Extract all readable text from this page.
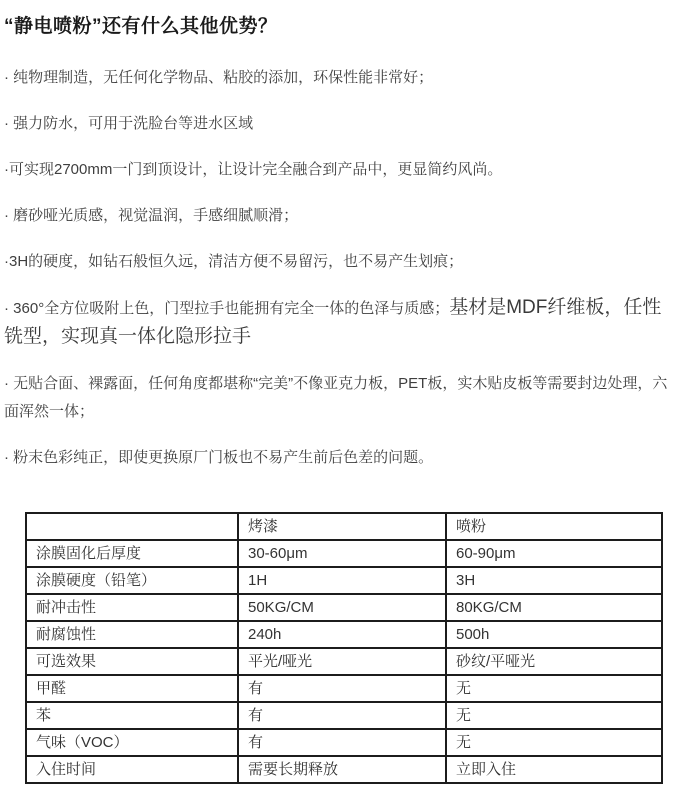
“静电喷粉”还有什么其他优势？

· 纯物理制造，无任何化学物品、粘胶的添加，环保性能非常好；

· 强力防水，可用于洗脸台等进水区域

·可实现2700mm一门到顶设计，让设计完全融合到产品中，更显简约风尚。

· 磨砂哑光质感，视觉温润，手感细腻顺滑；

·3H的硬度，如钻石般恒久远，清洁方便不易留污，也不易产生划痕；

· 360°全方位吸附上色，门型拉手也能拥有完全一体的色泽与质感；基材是MDF纤维板，任性铣型，实现真一体化隐形拉手

· 无贴合面、裸露面，任何角度都堪称“完美”不像亚克力板，PET板，实木贴皮板等需要封边处理，六面浑然一体；

· 粉末色彩纯正，即使更换原厂门板也不易产生前后色差的问题。

	烤漆	喷粉
涂膜固化后厚度	30-60μm	60-90μm
涂膜硬度（铅笔）	1H	3H
耐冲击性	50KG/CM	80KG/CM
耐腐蚀性	240h	500h
可选效果	平光/哑光	砂纹/平哑光
甲醛	有	无
苯	有	无
气味（VOC）	有	无
入住时间	需要长期释放	立即入住
